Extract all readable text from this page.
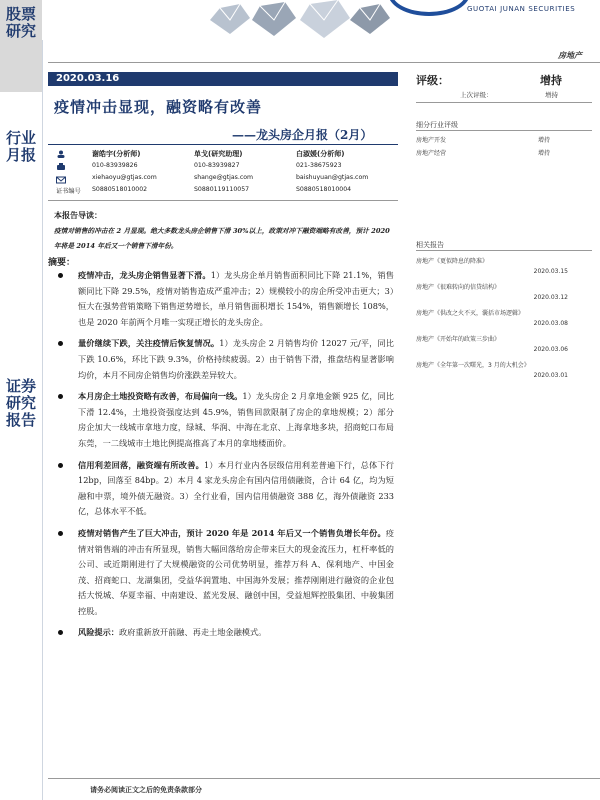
股票研究
行业月报
证券研究报告
GUOTAI JUNAN SECURITIES
房地产
2020.03.16
疫情冲击显现，融资略有改善
——龙头房企月报（2月）
证书编号
谢皓宇(分析师)
010-83939826
xiehaoyu@gtjas.com
S0880518010002
单戈(研究助理)
010-83939827
shange@gtjas.com
S0880119110057
白淑媛(分析师)
021-38675923
baishuyuan@gtjas.com
S0880518010004
本报告导读：
疫情对销售的冲击在 2 月显现。绝大多数龙头房企销售下滑 30%以上，政策对冲下融资端略有改善，预计 2020 年将是 2014 年后又一个销售下滑年份。
摘要：
疫情冲击，龙头房企销售显著下滑。1）龙头房企单月销售面积同比下降 21.1%，销售额同比下降 29.5%，疫情对销售造成严重冲击；2）规模较小的房企所受冲击更大；3）恒大在强势营销策略下销售逆势增长，单月销售面积增长 154%，销售额增长 108%，也是 2020 年前两个月唯一实现正增长的龙头房企。
量价继续下跌，关注疫情后恢复情况。1）龙头房企 2 月销售均价 12027 元/平，同比下跌 10.6%，环比下跌 9.3%，价格持续疲弱。2）由于销售下滑，推盘结构显著影响均价，本月不同房企销售均价涨跌差异较大。
本月房企土地投资略有改善，布局偏向一线。1）龙头房企 2 月拿地金额 925 亿，同比下滑 12.4%，土地投资强度达到 45.9%，销售回款限制了房企的拿地规模；2）部分房企加大一线城市拿地力度，绿城、华润、中海在北京、上海拿地多块，招商蛇口布局东莞，一二线城市土地比例提高推高了本月的拿地楼面价。
信用利差回落，融资端有所改善。1）本月行业内各层级信用利差普遍下行，总体下行 12bp，回落至 84bp。2）本月 4 家龙头房企有国内信用债融资，合计 64 亿，均为短融和中票，境外债无融资。3）全行业看，国内信用债融资 388 亿，海外债融资 233 亿，总体水平不低。
疫情对销售产生了巨大冲击，预计 2020 年是 2014 年后又一个销售负增长年份。疫情对销售端的冲击有所显现，销售大幅回落给房企带来巨大的现金流压力，杠杆率低的公司、或近期刚进行了大规模融资的公司优势明显，推荐万科 A、保利地产、中国金茂、招商蛇口、龙湖集团，受益华润置地、中国海外发展；推荐刚刚进行融资的企业包括大悦城、华夏幸福、中南建设、蓝光发展、融创中国，受益旭辉控股集团、中骏集团控股。
风险提示：政府重新放开前融、再走土地金融模式。
评级：	增持
上次评级：	增持
细分行业评级
房地产开发	增持
房地产经营	增持
相关报告
房地产《更似降息的降准》
2020.03.15
房地产《很难转向的信贷结构》
2020.03.12
房地产《供改之火不灭，囊括市场逻辑》
2020.03.08
房地产《开始年的政策三步曲》
2020.03.06
房地产《全年第一次曙光，3 月的大机会》
2020.03.01
请务必阅读正文之后的免责条款部分
